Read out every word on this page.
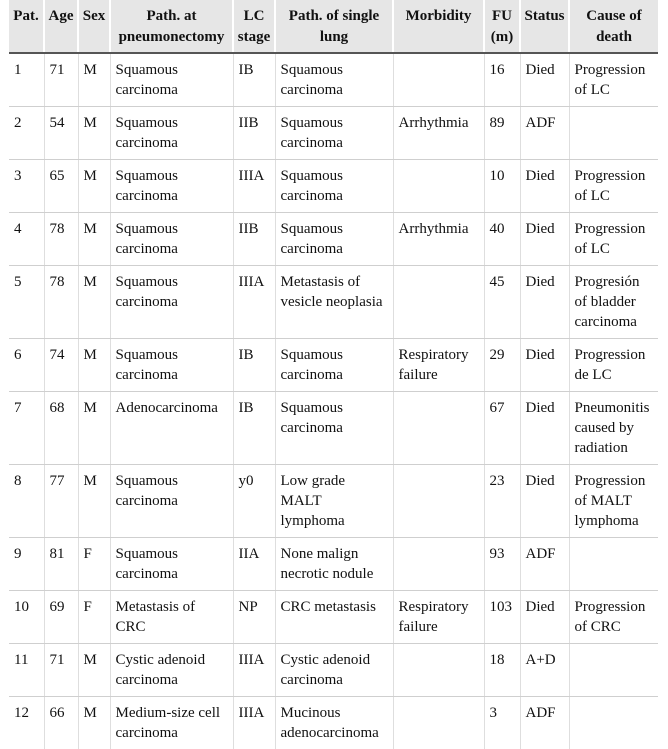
Pat.	Age	Sex	Path. at pneumonectomy	LC stage	Path. of single lung	Morbidity	FU (m)	Status	Cause of death
1	71	M	Squamous carcinoma	IB	Squamous carcinoma		16	Died	Progression of LC
2	54	M	Squamous carcinoma	IIB	Squamous carcinoma	Arrhythmia	89	ADF	
3	65	M	Squamous carcinoma	IIIA	Squamous carcinoma		10	Died	Progression of LC
4	78	M	Squamous carcinoma	IIB	Squamous carcinoma	Arrhythmia	40	Died	Progression of LC
5	78	M	Squamous carcinoma	IIIA	Metastasis of vesicle neoplasia		45	Died	Progresión of bladder carcinoma
6	74	M	Squamous carcinoma	IB	Squamous carcinoma	Respiratory failure	29	Died	Progression de LC
7	68	M	Adenocarcinoma	IB	Squamous carcinoma		67	Died	Pneumonitis caused by radiation
8	77	M	Squamous carcinoma	y0	Low grade MALT lymphoma		23	Died	Progression of MALT lymphoma
9	81	F	Squamous carcinoma	IIA	None malign necrotic nodule		93	ADF	
10	69	F	Metastasis of CRC	NP	CRC metastasis	Respiratory failure	103	Died	Progression of CRC
11	71	M	Cystic adenoid carcinoma	IIIA	Cystic adenoid carcinoma		18	A+D	
12	66	M	Medium-size cell carcinoma	IIIA	Mucinous adenocarcinoma		3	ADF	
